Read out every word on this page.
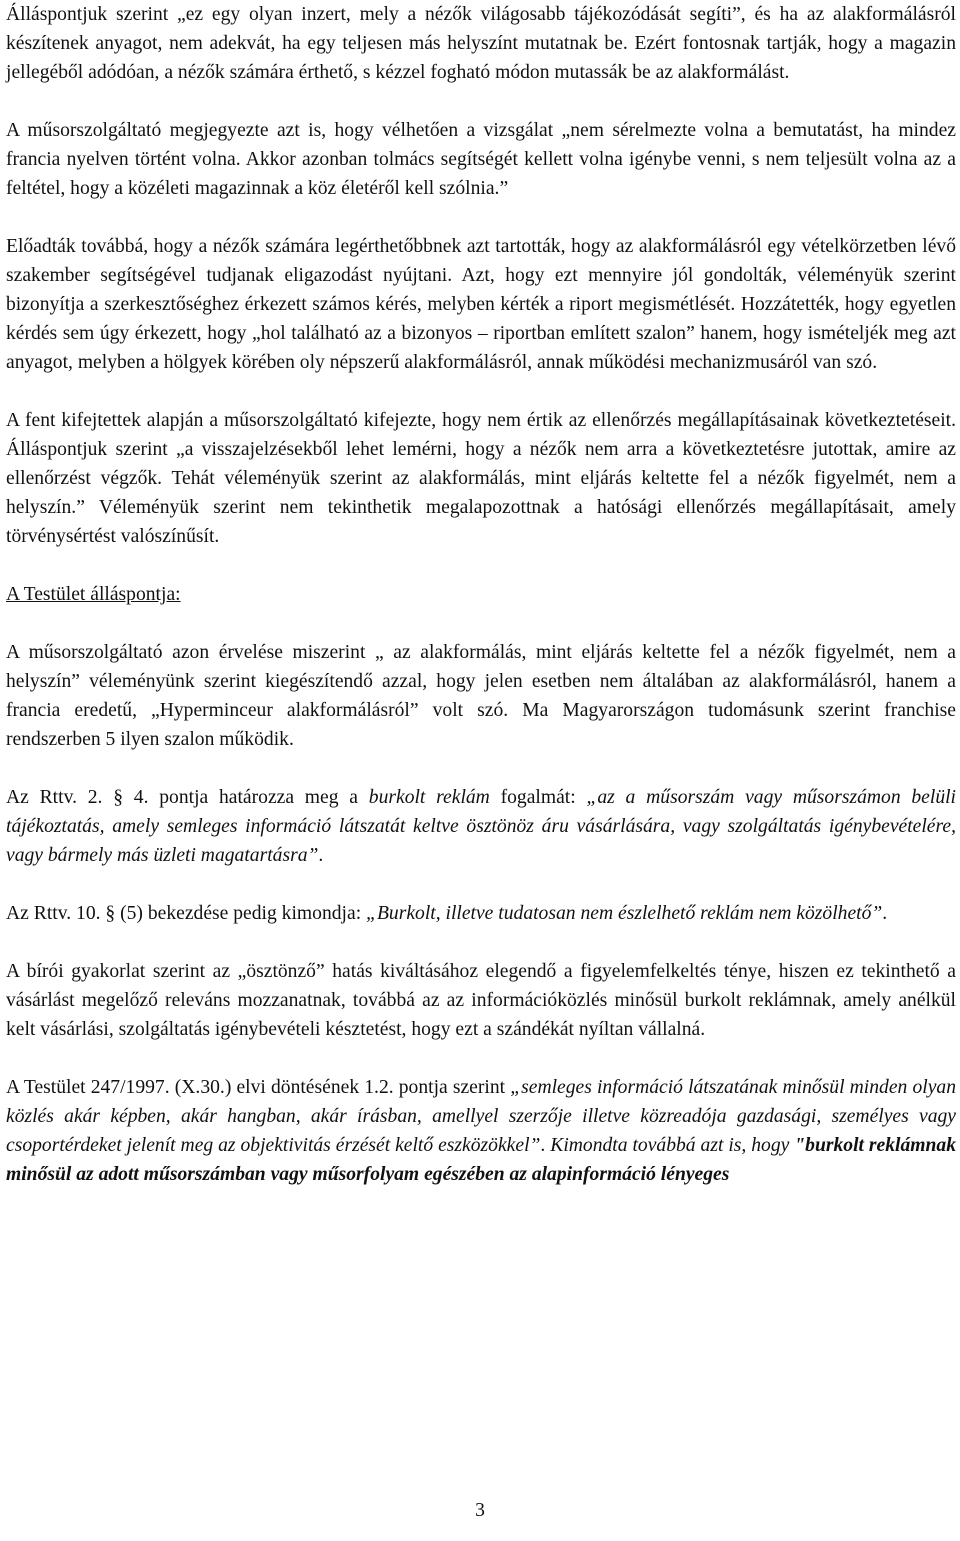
Álláspontjuk szerint „ez egy olyan inzert, mely a nézők világosabb tájékozódását segíti”, és ha az alakformálásról készítenek anyagot, nem adekvát, ha egy teljesen más helyszínt mutatnak be. Ezért fontosnak tartják, hogy a magazin jellegéből adódóan, a nézők számára érthető, s kézzel fogható módon mutassák be az alakformálást.

A műsorszolgáltató megjegyezte azt is, hogy vélhetően a vizsgálat „nem sérelmezte volna a bemutatást, ha mindez francia nyelven történt volna. Akkor azonban tolmács segítségét kellett volna igénybe venni, s nem teljesült volna az a feltétel, hogy a közéleti magazinnak a köz életéről kell szólnia.”

Előadták továbbá, hogy a nézők számára legérthetőbbnek azt tartották, hogy az alakformálásról egy vételkörzetben lévő szakember segítségével tudjanak eligazodást nyújtani. Azt, hogy ezt mennyire jól gondolták, véleményük szerint bizonyítja a szerkesztőséghez érkezett számos kérés, melyben kérték a riport megismétlését. Hozzátették, hogy egyetlen kérdés sem úgy érkezett, hogy „hol található az a bizonyos – riportban említett szalon” hanem, hogy ismételjék meg azt anyagot, melyben a hölgyek körében oly népszerű alakformálásról, annak működési mechanizmusáról van szó.

A fent kifejtettek alapján a műsorszolgáltató kifejezte, hogy nem értik az ellenőrzés megállapításainak következtetéseit. Álláspontjuk szerint „a visszajelzésekből lehet lemérni, hogy a nézők nem arra a következtetésre jutottak, amire az ellenőrzést végzők. Tehát véleményük szerint az alakformálás, mint eljárás keltette fel a nézők figyelmét, nem a helyszín.” Véleményük szerint nem tekinthetik megalapozottnak a hatósági ellenőrzés megállapításait, amely törvénysértést valószínűsít.

A Testület álláspontja:

A műsorszolgáltató azon érvelése miszerint „ az alakformálás, mint eljárás keltette fel a nézők figyelmét, nem a helyszín” véleményünk szerint kiegészítendő azzal, hogy jelen esetben nem általában az alakformálásról, hanem a francia eredetű, „Hyperminceur alakformálásról” volt szó. Ma Magyarországon tudomásunk szerint franchise rendszerben 5 ilyen szalon működik.

Az Rttv. 2. § 4. pontja határozza meg a burkolt reklám fogalmát: „az a műsorszám vagy műsorszámon belüli tájékoztatás, amely semleges információ látszatát keltve ösztönöz áru vásárlására, vagy szolgáltatás igénybevételére, vagy bármely más üzleti magatartásra”.

Az Rttv. 10. § (5) bekezdése pedig kimondja: „Burkolt, illetve tudatosan nem észlelhető reklám nem közölhető”.

A bírói gyakorlat szerint az „ösztönző” hatás kiváltásához elegendő a figyelemfelkeltés ténye, hiszen ez tekinthető a vásárlást megelőző releváns mozzanatnak, továbbá az az információközlés minősül burkolt reklámnak, amely anélkül kelt vásárlási, szolgáltatás igénybevételi késztetést, hogy ezt a szándékát nyíltan vállalná.

A Testület 247/1997. (X.30.) elvi döntésének 1.2. pontja szerint „semleges információ látszatának minősül minden olyan közlés akár képben, akár hangban, akár írásban, amellyel szerzője illetve közreadója gazdasági, személyes vagy csoportérdeket jelenít meg az objektivitás érzését keltő eszközökkel”. Kimondta továbbá azt is, hogy "burkolt reklámnak minősül az adott műsorszámban vagy műsorfolyam egészében az alapinformáció lényeges

3
